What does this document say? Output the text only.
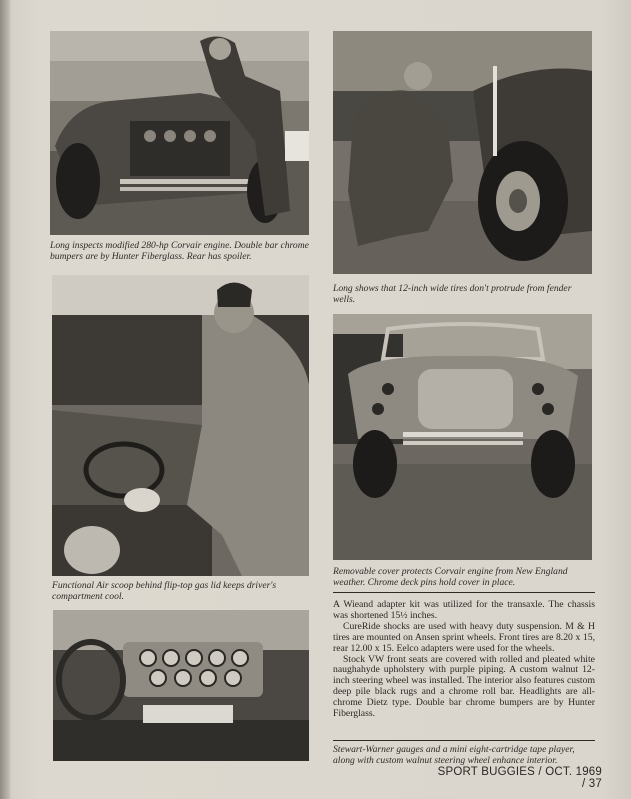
Long inspects modified 280-hp Corvair engine. Double bar chrome bumpers are by Hunter Fiberglass. Rear has spoiler.
Long shows that 12-inch wide tires don't protrude from fender wells.
Functional Air scoop behind flip-top gas lid keeps driver's compartment cool.
Removable cover protects Corvair engine from New England weather. Chrome deck pins hold cover in place.

A Wieand adapter kit was utilized for the transaxle. The chassis was shortened 15½ inches.

CureRide shocks are used with heavy duty suspension. M & H tires are mounted on Ansen sprint wheels. Front tires are 8.20 x 15, rear 12.00 x 15. Eelco adapters were used for the wheels.

Stock VW front seats are covered with rolled and pleated white naughahyde upholstery with purple piping. A custom walnut 12-inch steering wheel was installed. The interior also features custom deep pile black rugs and a chrome roll bar. Headlights are all-chrome Dietz type. Double bar chrome bumpers are by Hunter Fiberglass.

Stewart-Warner gauges and a mini eight-cartridge tape player, along with custom walnut steering wheel enhance interior.
SPORT BUGGIES / OCT. 1969 / 37
